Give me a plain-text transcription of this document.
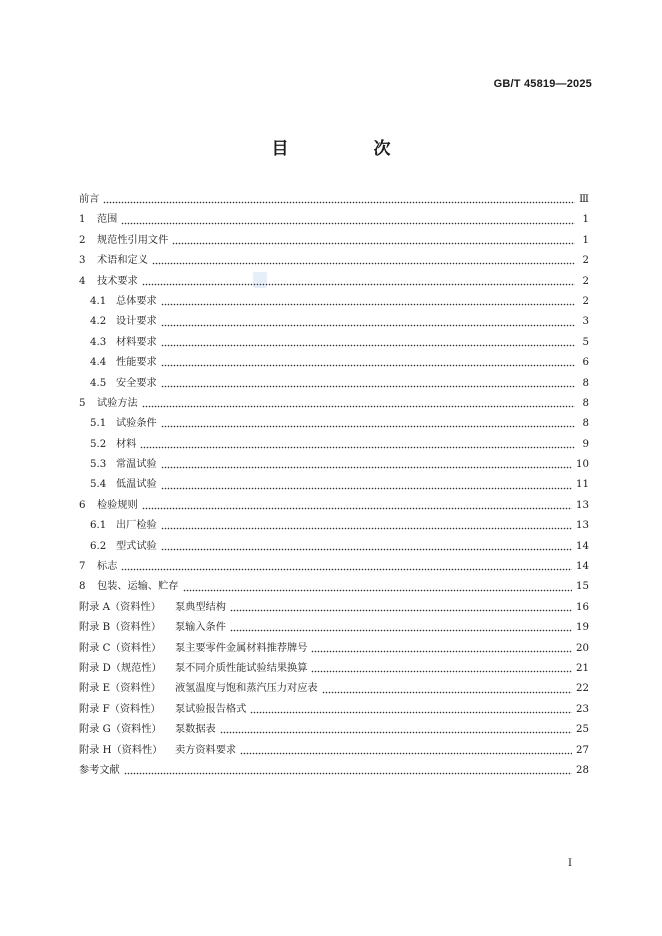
GB/T 45819—2025
目　次
前言	Ⅲ
1	范围	1
2	规范性引用文件	1
3	术语和定义	2
4	技术要求	2
4.1 总体要求	2
4.2 设计要求	3
4.3 材料要求	5
4.4 性能要求	6
4.5 安全要求	8
5	试验方法	8
5.1 试验条件	8
5.2 材料	9
5.3 常温试验	10
5.4 低温试验	11
6	检验规则	13
6.1 出厂检验	13
6.2 型式试验	14
7	标志	14
8	包装、运输、贮存	15
附录 A（资料性）	泵典型结构	16
附录 B（资料性）	泵输入条件	19
附录 C（资料性）	泵主要零件金属材料推荐牌号	20
附录 D（规范性）	泵不同介质性能试验结果换算	21
附录 E（资料性）	液氢温度与饱和蒸汽压力对应表	22
附录 F（资料性）	泵试验报告格式	23
附录 G（资料性）	泵数据表	25
附录 H（资料性）	卖方资料要求	27
参考文献	28
Ⅰ
